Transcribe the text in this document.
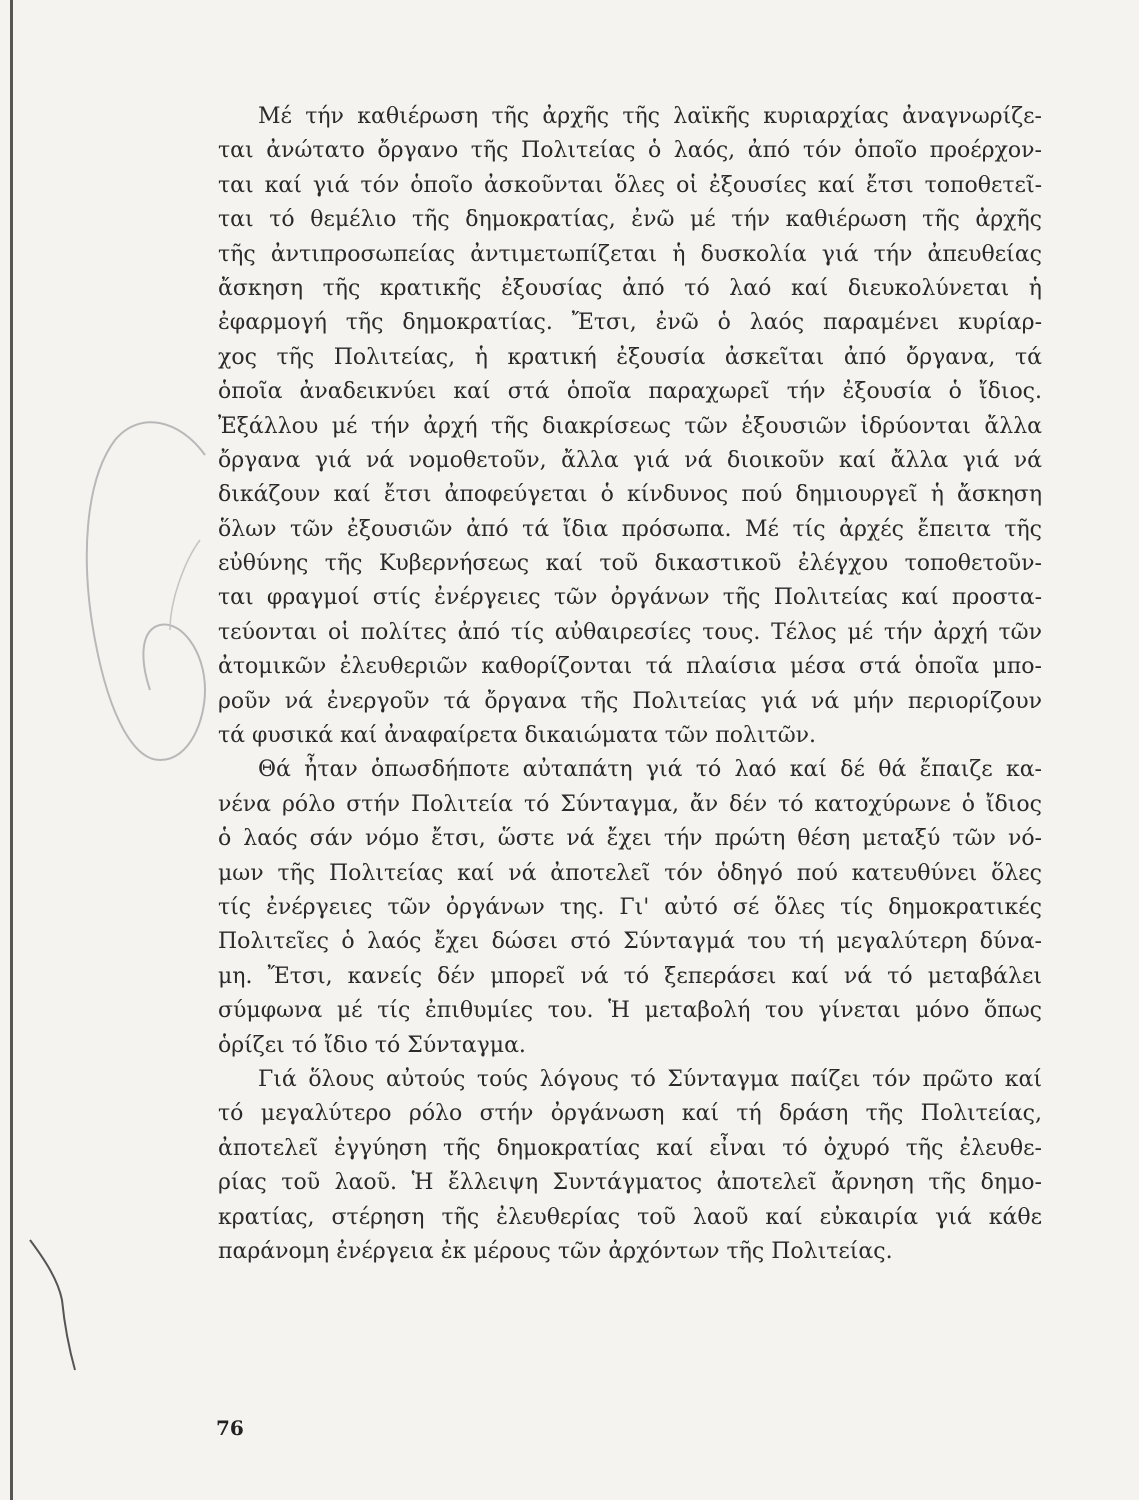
Μέ τήν καθιέρωση τῆς ἀρχῆς τῆς λαϊκῆς κυριαρχίας ἀναγνωρίζε-
ται ἀνώτατο ὄργανο τῆς Πολιτείας ὁ λαός, ἀπό τόν ὁποῖο προέρχον-
ται καί γιά τόν ὁποῖο ἀσκοῦνται ὅλες οἱ ἐξουσίες καί ἔτσι τοποθετεῖ-
ται τό θεμέλιο τῆς δημοκρατίας, ἐνῶ μέ τήν καθιέρωση τῆς ἀρχῆς
τῆς ἀντιπροσωπείας ἀντιμετωπίζεται ἡ δυσκολία γιά τήν ἀπευθείας
ἄσκηση τῆς κρατικῆς ἐξουσίας ἀπό τό λαό καί διευκολύνεται ἡ
ἐφαρμογή τῆς δημοκρατίας. Ἔτσι, ἐνῶ ὁ λαός παραμένει κυρίαρ-
χος τῆς Πολιτείας, ἡ κρατική ἐξουσία ἀσκεῖται ἀπό ὄργανα, τά
ὁποῖα ἀναδεικνύει καί στά ὁποῖα παραχωρεῖ τήν ἐξουσία ὁ ἴδιος.
Ἐξάλλου μέ τήν ἀρχή τῆς διακρίσεως τῶν ἐξουσιῶν ἱδρύονται ἄλλα
ὄργανα γιά νά νομοθετοῦν, ἄλλα γιά νά διοικοῦν καί ἄλλα γιά νά
δικάζουν καί ἔτσι ἀποφεύγεται ὁ κίνδυνος πού δημιουργεῖ ἡ ἄσκηση
ὅλων τῶν ἐξουσιῶν ἀπό τά ἴδια πρόσωπα. Μέ τίς ἀρχές ἔπειτα τῆς
εὐθύνης τῆς Κυβερνήσεως καί τοῦ δικαστικοῦ ἐλέγχου τοποθετοῦν-
ται φραγμοί στίς ἐνέργειες τῶν ὀργάνων τῆς Πολιτείας καί προστα-
τεύονται οἱ πολίτες ἀπό τίς αὐθαιρεσίες τους. Τέλος μέ τήν ἀρχή τῶν
ἀτομικῶν ἐλευθεριῶν καθορίζονται τά πλαίσια μέσα στά ὁποῖα μπο-
ροῦν νά ἐνεργοῦν τά ὄργανα τῆς Πολιτείας γιά νά μήν περιορίζουν
τά φυσικά καί ἀναφαίρετα δικαιώματα τῶν πολιτῶν.
Θά ἦταν ὁπωσδήποτε αὐταπάτη γιά τό λαό καί δέ θά ἔπαιζε κα-
νένα ρόλο στήν Πολιτεία τό Σύνταγμα, ἄν δέν τό κατοχύρωνε ὁ ἴδιος
ὁ λαός σάν νόμο ἔτσι, ὥστε νά ἔχει τήν πρώτη θέση μεταξύ τῶν νό-
μων τῆς Πολιτείας καί νά ἀποτελεῖ τόν ὁδηγό πού κατευθύνει ὅλες
τίς ἐνέργειες τῶν ὀργάνων της. Γι' αὐτό σέ ὅλες τίς δημοκρατικές
Πολιτεῖες ὁ λαός ἔχει δώσει στό Σύνταγμά του τή μεγαλύτερη δύνα-
μη. Ἔτσι, κανείς δέν μπορεῖ νά τό ξεπεράσει καί νά τό μεταβάλει
σύμφωνα μέ τίς ἐπιθυμίες του. Ἡ μεταβολή του γίνεται μόνο ὅπως
ὁρίζει τό ἴδιο τό Σύνταγμα.
Γιά ὅλους αὐτούς τούς λόγους τό Σύνταγμα παίζει τόν πρῶτο καί
τό μεγαλύτερο ρόλο στήν ὀργάνωση καί τή δράση τῆς Πολιτείας,
ἀποτελεῖ ἐγγύηση τῆς δημοκρατίας καί εἶναι τό ὀχυρό τῆς ἐλευθε-
ρίας τοῦ λαοῦ. Ἡ ἔλλειψη Συντάγματος ἀποτελεῖ ἄρνηση τῆς δημο-
κρατίας, στέρηση τῆς ἐλευθερίας τοῦ λαοῦ καί εὐκαιρία γιά κάθε
παράνομη ἐνέργεια ἐκ μέρους τῶν ἀρχόντων τῆς Πολιτείας.
76
